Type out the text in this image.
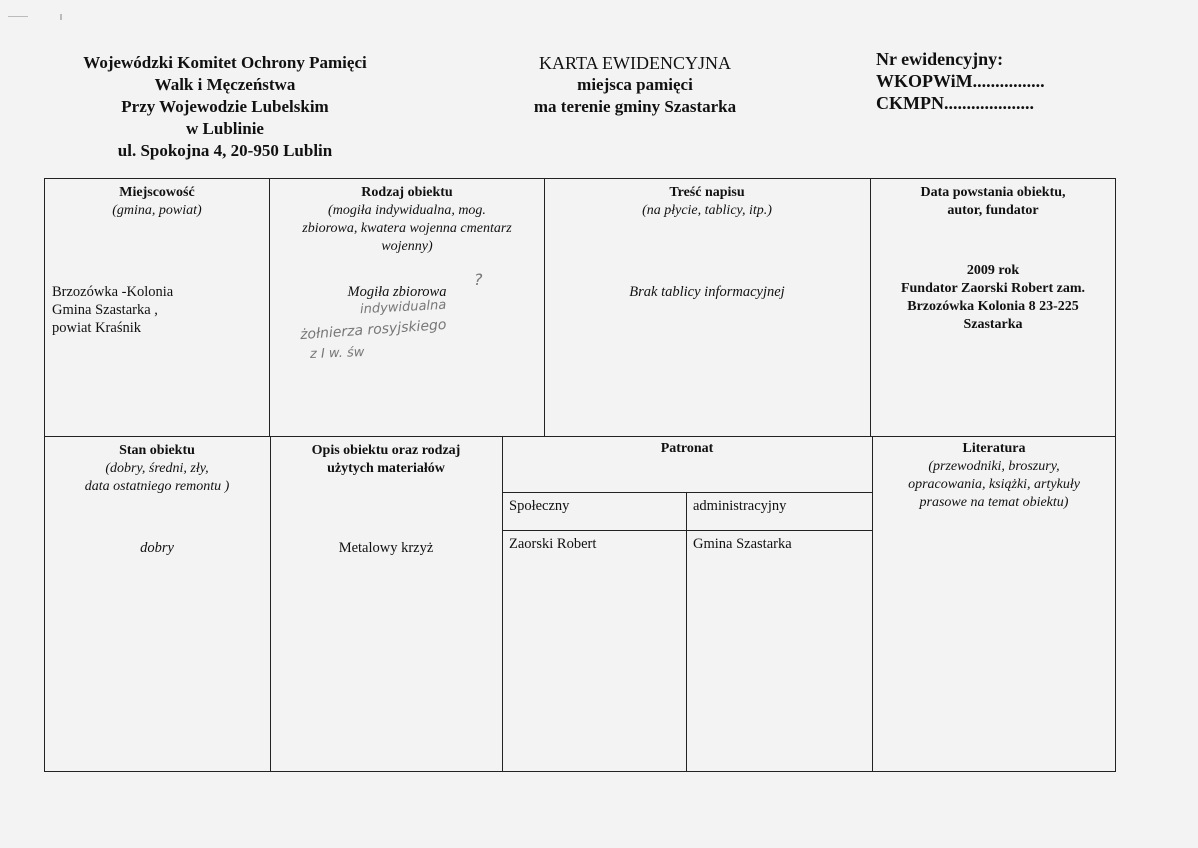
Wojewódzki Komitet Ochrony Pamięci
Walk i Męczeństwa
Przy Wojewodzie Lubelskim
w Lublinie
ul. Spokojna 4, 20-950 Lublin
KARTA EWIDENCYJNA
miejsca pamięci
ma terenie gminy Szastarka
Nr ewidencyjny:
WKOPWiM................
CKMPN....................
Miejscowość
(gmina, powiat)
Brzozówka -Kolonia
Gmina Szastarka ,
powiat Kraśnik
Rodzaj obiektu
(mogiła indywidualna, mog.
zbiorowa, kwatera wojenna cmentarz
wojenny)
Mogiła zbiorowa
?
indywidualna
żołnierza rosyjskiego
z I w. św
Treść napisu
(na płycie, tablicy, itp.)
Brak tablicy informacyjnej
Data powstania obiektu,
autor, fundator
2009 rok
Fundator Zaorski Robert zam.
Brzozówka Kolonia 8 23-225
Szastarka
Stan obiektu
(dobry, średni, zły,
data ostatniego remontu )
dobry
Opis obiektu oraz rodzaj
użytych materiałów
Metalowy krzyż
Patronat
Społeczny	administracyjny
Zaorski Robert	Gmina Szastarka
Literatura
(przewodniki, broszury,
opracowania, książki, artykuły
prasowe na temat obiektu)
